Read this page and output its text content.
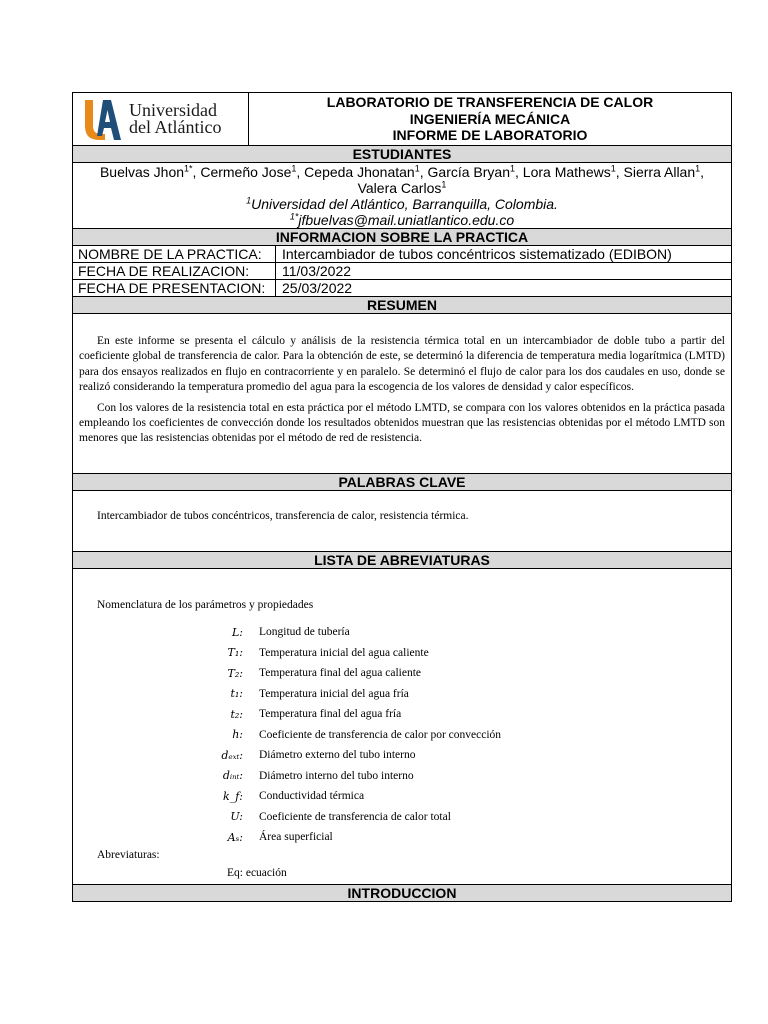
Universidad
del Atlántico
LABORATORIO DE TRANSFERENCIA DE CALOR
INGENIERÍA MECÁNICA
INFORME DE LABORATORIO
ESTUDIANTES
Buelvas Jhon$^{1*}$, Cermeño Jose$^1$, Cepeda Jhonatan$^1$, García Bryan$^1$, Lora Mathews$^1$, Sierra Allan$^1$, Valera Carlos$^1$
$^1$Universidad del Atlántico, Barranquilla, Colombia.
$^{1*}$jfbuelvas@mail.uniatlantico.edu.co
INFORMACION SOBRE LA PRACTICA
NOMBRE DE LA PRACTICA:	Intercambiador de tubos concéntricos sistematizado (EDIBON)
FECHA DE REALIZACION:	11/03/2022
FECHA DE PRESENTACION:	25/03/2022
RESUMEN

En este informe se presenta el cálculo y análisis de la resistencia térmica total en un intercambiador de doble tubo a partir del coeficiente global de transferencia de calor. Para la obtención de este, se determinó la diferencia de temperatura media logarítmica (LMTD) para dos ensayos realizados en flujo en contracorriente y en paralelo. Se determinó el flujo de calor para los dos caudales en uso, donde se realizó considerando la temperatura promedio del agua para la escogencia de los valores de densidad y calor específicos.

Con los valores de la resistencia total en esta práctica por el método LMTD, se compara con los valores obtenidos en la práctica pasada empleando los coeficientes de convección donde los resultados obtenidos muestran que las resistencias obtenidas por el método LMTD son menores que las resistencias obtenidas por el método de red de resistencia.

PALABRAS CLAVE
Intercambiador de tubos concéntricos, transferencia de calor, resistencia térmica.
LISTA DE ABREVIATURAS
Nomenclatura de los parámetros y propiedades
L:	Longitud de tubería
T₁:	Temperatura inicial del agua caliente
T₂:	Temperatura final del agua caliente
t₁:	Temperatura inicial del agua fría
t₂:	Temperatura final del agua fría
h:	Coeficiente de transferencia de calor por convección
dₑₓₜ:	Diámetro externo del tubo interno
dᵢₙₜ:	Diámetro interno del tubo interno
k_f:	Conductividad térmica
U:	Coeficiente de transferencia de calor total
Aₛ:	Área superficial
Abreviaturas:
Eq: ecuación
INTRODUCCION
